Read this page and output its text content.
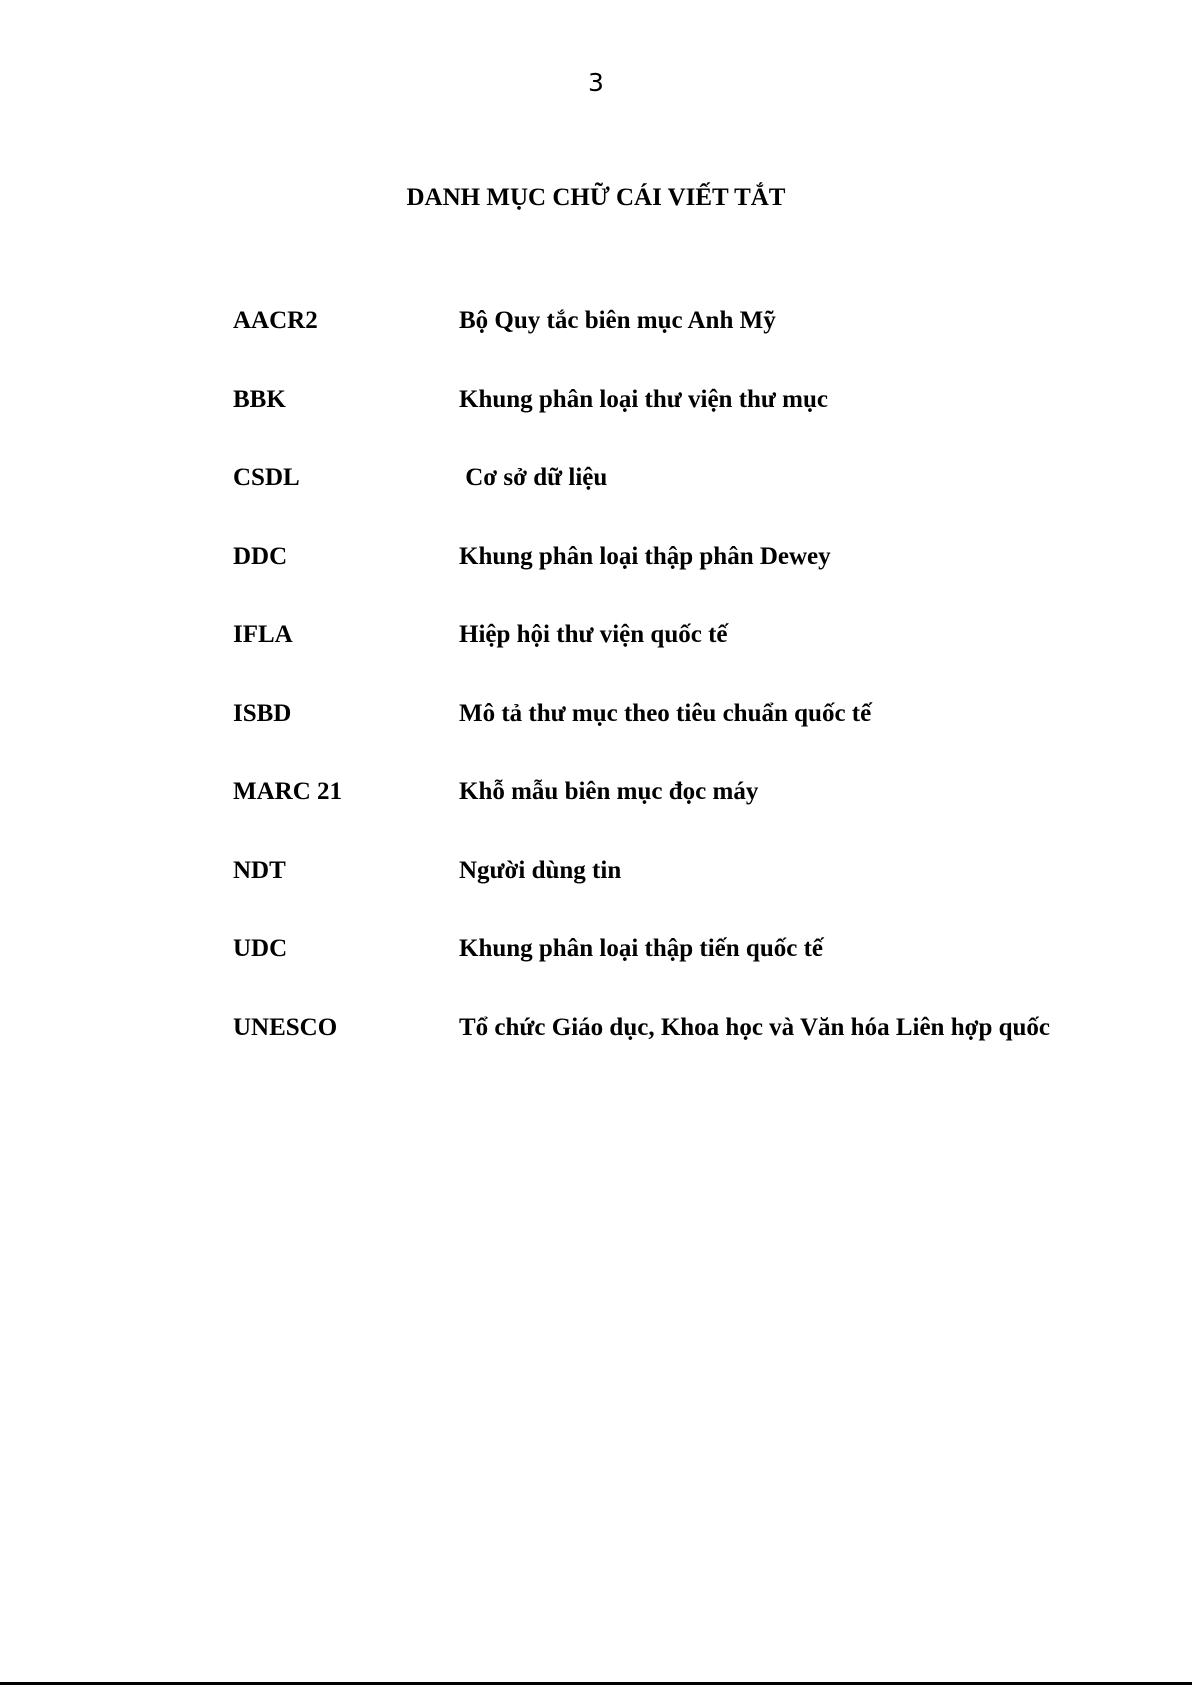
3
DANH MỤC CHỮ CÁI VIẾT TẮT
AACR2	Bộ Quy tắc biên mục Anh Mỹ
BBK	Khung phân loại thư viện thư mục
CSDL	Cơ sở dữ liệu
DDC	Khung phân loại thập phân Dewey
IFLA	Hiệp hội thư viện quốc tế
ISBD	Mô tả thư mục theo tiêu chuẩn quốc tế
MARC 21	Khỗ mẫu biên mục đọc máy
NDT	Người dùng tin
UDC	Khung phân loại thập tiến quốc tế
UNESCO	Tổ chức Giáo dục, Khoa học và Văn hóa Liên hợp quốc
